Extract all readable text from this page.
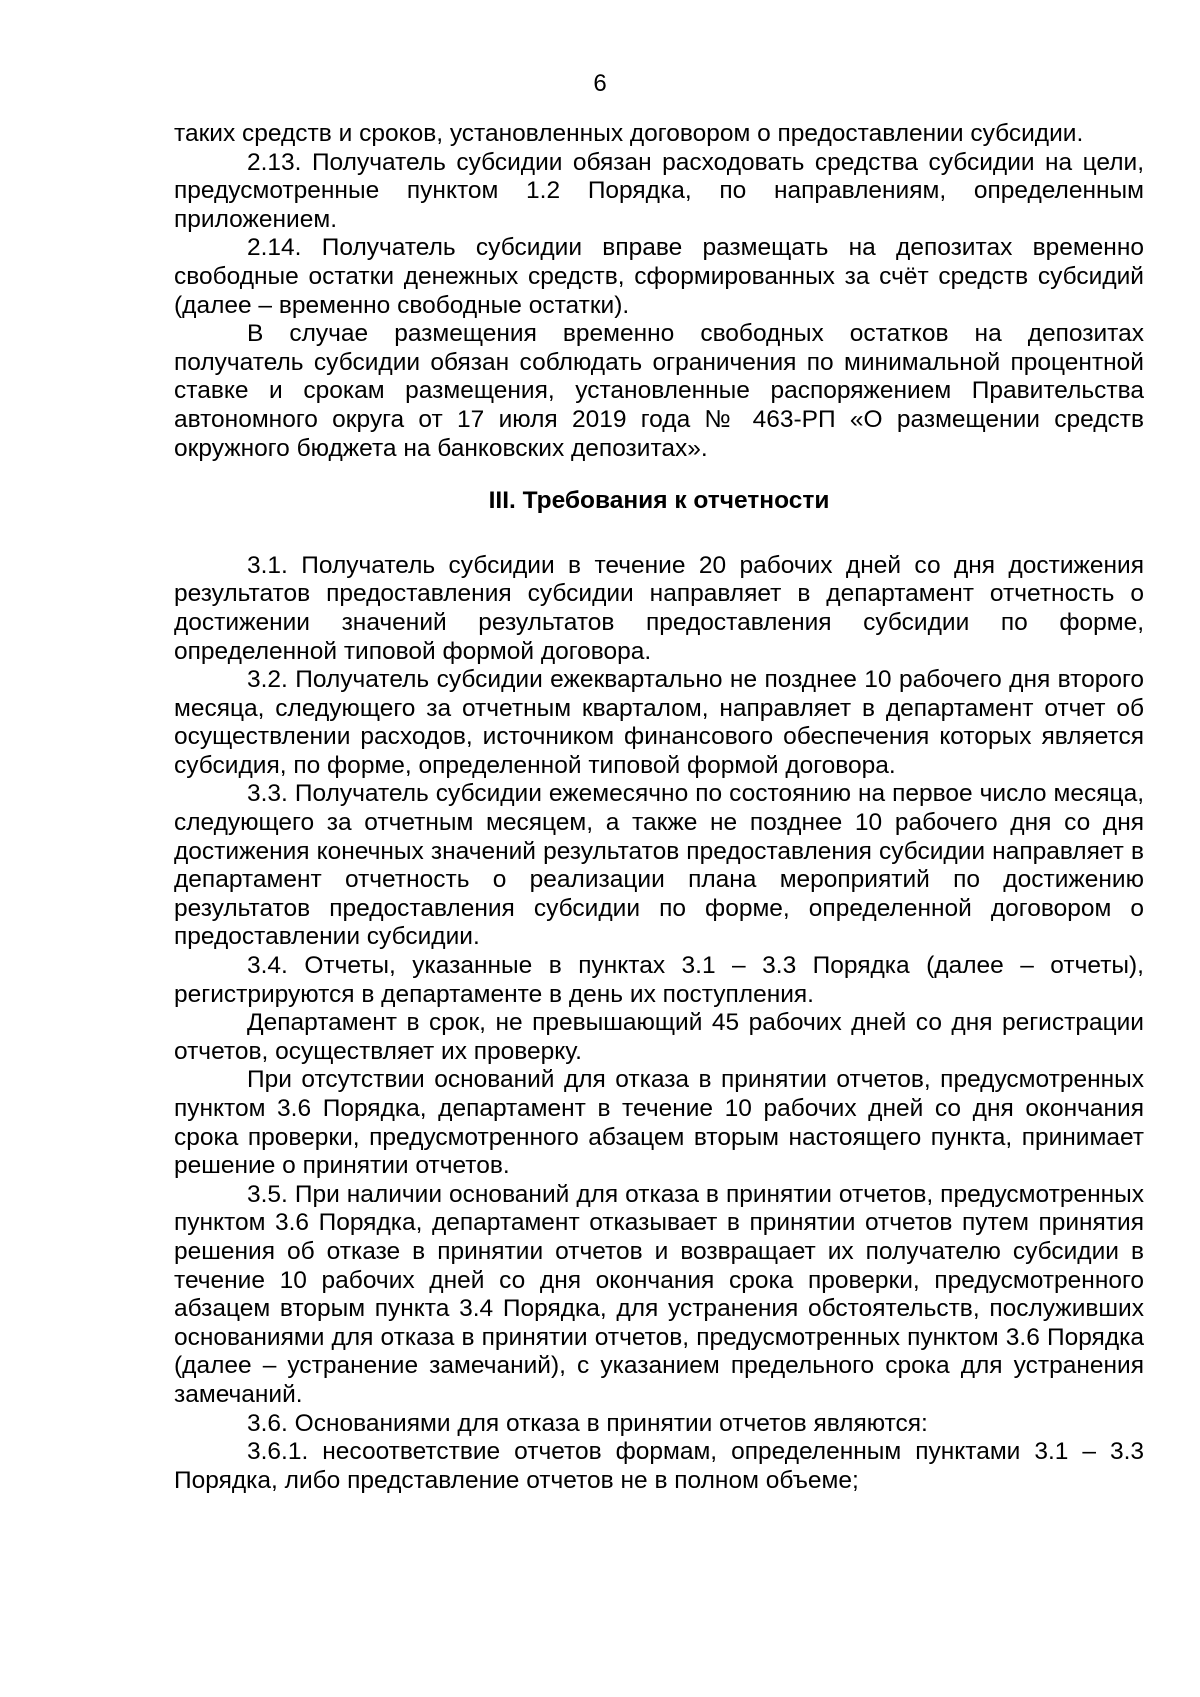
6

таких средств и сроков, установленных договором о предоставлении субсидии.

2.13. Получатель субсидии обязан расходовать средства субсидии на цели, предусмотренные пунктом 1.2 Порядка, по направлениям, определенным приложением.

2.14. Получатель субсидии вправе размещать на депозитах временно свободные остатки денежных средств, сформированных за счёт средств субсидий (далее – временно свободные остатки).

В случае размещения временно свободных остатков на депозитах получатель субсидии обязан соблюдать ограничения по минимальной процентной ставке и срокам размещения, установленные распоряжением Правительства автономного округа от 17 июля 2019 года № 463-РП «О размещении средств окружного бюджета на банковских депозитах».

III. Требования к отчетности

3.1. Получатель субсидии в течение 20 рабочих дней со дня достижения результатов предоставления субсидии направляет в департамент отчетность о достижении значений результатов предоставления субсидии по форме, определенной типовой формой договора.

3.2. Получатель субсидии ежеквартально не позднее 10 рабочего дня второго месяца, следующего за отчетным кварталом, направляет в департамент отчет об осуществлении расходов, источником финансового обеспечения которых является субсидия, по форме, определенной типовой формой договора.

3.3. Получатель субсидии ежемесячно по состоянию на первое число месяца, следующего за отчетным месяцем, а также не позднее 10 рабочего дня со дня достижения конечных значений результатов предоставления субсидии направляет в департамент отчетность о реализации плана мероприятий по достижению результатов предоставления субсидии по форме, определенной договором о предоставлении субсидии.

3.4. Отчеты, указанные в пунктах 3.1 – 3.3 Порядка (далее – отчеты), регистрируются в департаменте в день их поступления.

Департамент в срок, не превышающий 45 рабочих дней со дня регистрации отчетов, осуществляет их проверку.

При отсутствии оснований для отказа в принятии отчетов, предусмотренных пунктом 3.6 Порядка, департамент в течение 10 рабочих дней со дня окончания срока проверки, предусмотренного абзацем вторым настоящего пункта, принимает решение о принятии отчетов.

3.5. При наличии оснований для отказа в принятии отчетов, предусмотренных пунктом 3.6 Порядка, департамент отказывает в принятии отчетов путем принятия решения об отказе в принятии отчетов и возвращает их получателю субсидии в течение 10 рабочих дней со дня окончания срока проверки, предусмотренного абзацем вторым пункта 3.4 Порядка, для устранения обстоятельств, послуживших основаниями для отказа в принятии отчетов, предусмотренных пунктом 3.6 Порядка (далее – устранение замечаний), с указанием предельного срока для устранения замечаний.

3.6. Основаниями для отказа в принятии отчетов являются:

3.6.1. несоответствие отчетов формам, определенным пунктами 3.1 – 3.3 Порядка, либо представление отчетов не в полном объеме;
